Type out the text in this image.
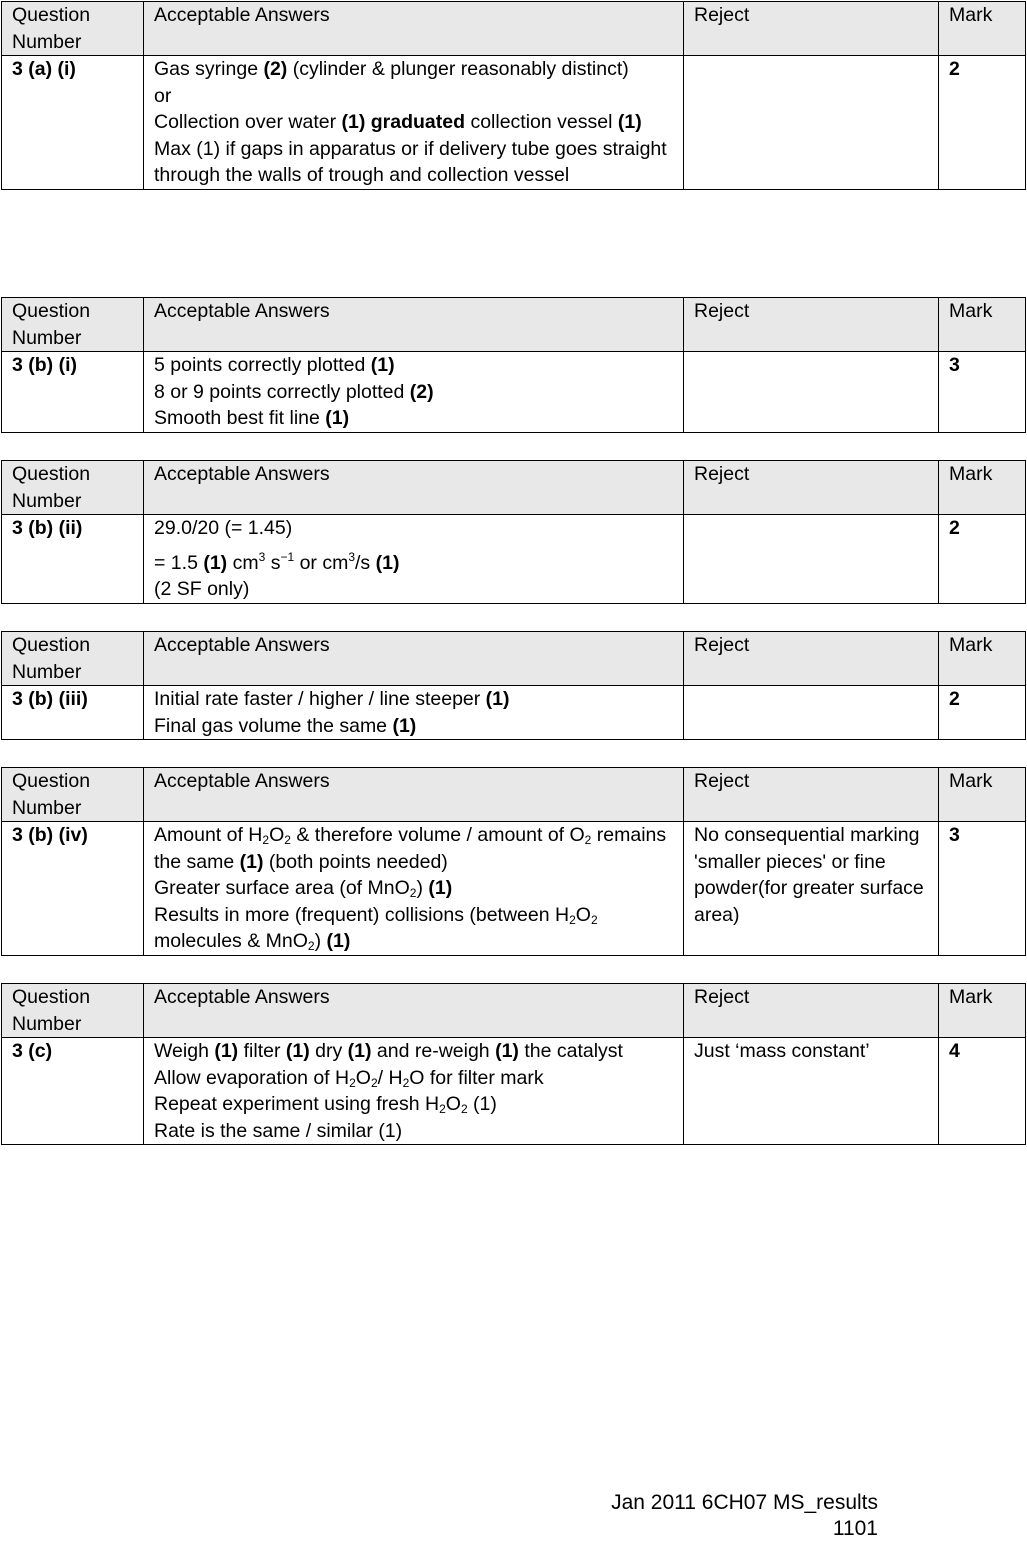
Question Number	Acceptable Answers	Reject	Mark
3 (a) (i)	Gas syringe (2) (cylinder & plunger reasonably distinct)
or
Collection over water (1) graduated collection vessel (1)
Max (1) if gaps in apparatus or if delivery tube goes straight through the walls of trough and collection vessel		2
Question Number	Acceptable Answers	Reject	Mark
3 (b) (i)	5 points correctly plotted (1)
8 or 9 points correctly plotted (2)
Smooth best fit line (1)		3
Question Number	Acceptable Answers	Reject	Mark
3 (b) (ii)	29.0/20 (= 1.45)
= 1.5 (1) $cm^3$ $s^{-1}$ or $cm^3/s$ (1)
(2 SF only)		2
Question Number	Acceptable Answers	Reject	Mark
3 (b) (iii)	Initial rate faster / higher / line steeper (1)
Final gas volume the same (1)		2
Question Number	Acceptable Answers	Reject	Mark
3 (b) (iv)	Amount of $H_2O_2$ & therefore volume / amount of $O_2$ remains the same (1) (both points needed)
Greater surface area (of MnO$_2$) (1)
Results in more (frequent) collisions (between $H_2O_2$ molecules & MnO$_2$) (1)	No consequential marking
'smaller pieces' or fine powder(for greater surface area)	3
Question Number	Acceptable Answers	Reject	Mark
3 (c)	Weigh (1) filter (1) dry (1) and re-weigh (1) the catalyst
Allow evaporation of $H_2O_2/$ $H_2O$ for filter mark
Repeat experiment using fresh $H_2O_2$ (1)
Rate is the same / similar (1)	Just ‘mass constant’	4
Jan 2011 6CH07 MS_results
1101
